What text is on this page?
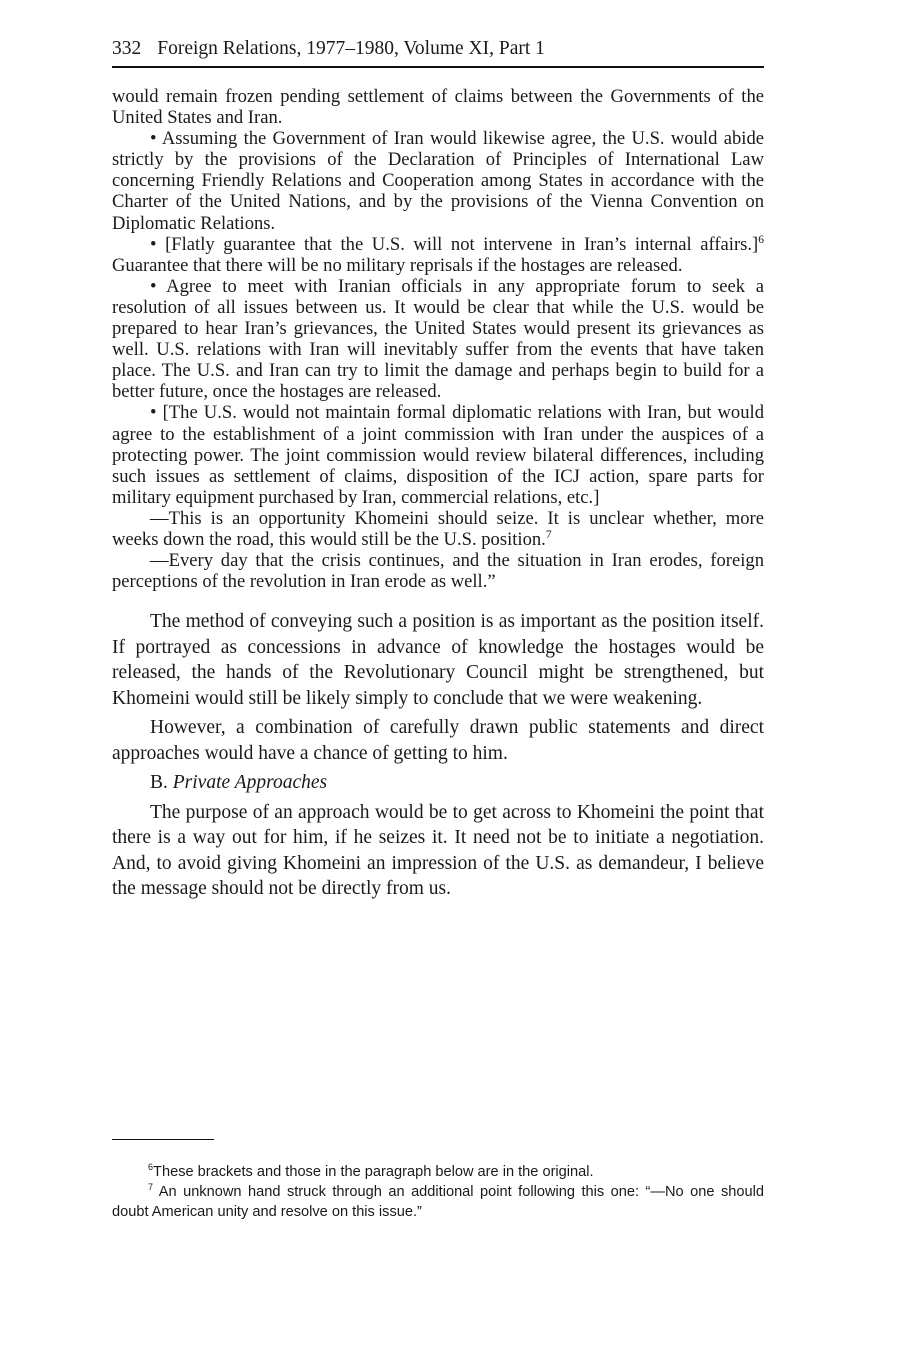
332 Foreign Relations, 1977–1980, Volume XI, Part 1

would remain frozen pending settlement of claims between the Governments of the United States and Iran.

• Assuming the Government of Iran would likewise agree, the U.S. would abide strictly by the provisions of the Declaration of Principles of International Law concerning Friendly Relations and Cooperation among States in accordance with the Charter of the United Nations, and by the provisions of the Vienna Convention on Diplomatic Relations.

• [Flatly guarantee that the U.S. will not intervene in Iran’s internal affairs.]$^6$ Guarantee that there will be no military reprisals if the hostages are released.

• Agree to meet with Iranian officials in any appropriate forum to seek a resolution of all issues between us. It would be clear that while the U.S. would be prepared to hear Iran’s grievances, the United States would present its grievances as well. U.S. relations with Iran will inevitably suffer from the events that have taken place. The U.S. and Iran can try to limit the damage and perhaps begin to build for a better future, once the hostages are released.

• [The U.S. would not maintain formal diplomatic relations with Iran, but would agree to the establishment of a joint commission with Iran under the auspices of a protecting power. The joint commission would review bilateral differences, including such issues as settlement of claims, disposition of the ICJ action, spare parts for military equipment purchased by Iran, commercial relations, etc.]

—This is an opportunity Khomeini should seize. It is unclear whether, more weeks down the road, this would still be the U.S. position.$^7$

—Every day that the crisis continues, and the situation in Iran erodes, foreign perceptions of the revolution in Iran erode as well.”

The method of conveying such a position is as important as the position itself. If portrayed as concessions in advance of knowledge the hostages would be released, the hands of the Revolutionary Council might be strengthened, but Khomeini would still be likely simply to conclude that we were weakening.

However, a combination of carefully drawn public statements and direct approaches would have a chance of getting to him.

B. Private Approaches

The purpose of an approach would be to get across to Khomeini the point that there is a way out for him, if he seizes it. It need not be to initiate a negotiation. And, to avoid giving Khomeini an impression of the U.S. as demandeur, I believe the message should not be directly from us.

$^6$These brackets and those in the paragraph below are in the original.

$^7$ An unknown hand struck through an additional point following this one: “—No one should doubt American unity and resolve on this issue.”
